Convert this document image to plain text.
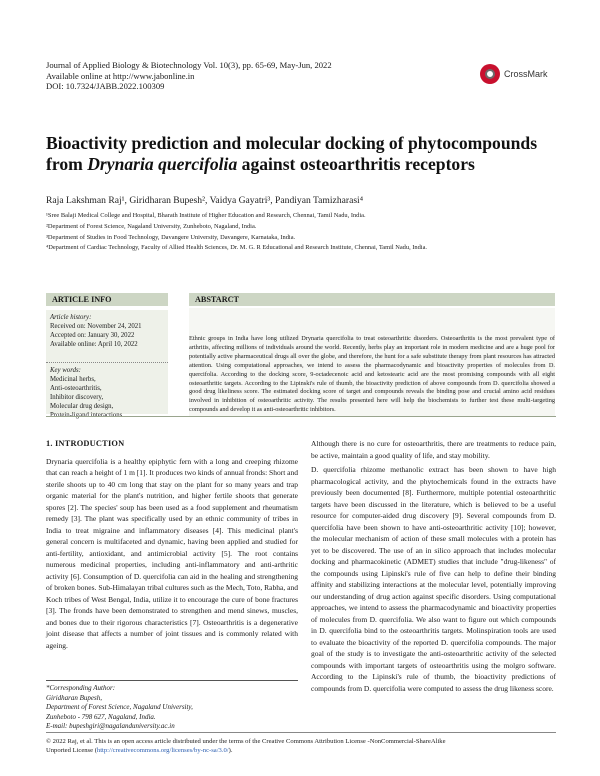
Journal of Applied Biology & Biotechnology Vol. 10(3), pp. 65-69, May-Jun, 2022
Available online at http://www.jabonline.in
DOI: 10.7324/JABB.2022.100309
CrossMark
Bioactivity prediction and molecular docking of phytocompounds
from Drynaria quercifolia against osteoarthritis receptors
Raja Lakshman Raj¹, Giridharan Bupesh², Vaidya Gayatri³, Pandiyan Tamizharasi⁴
¹Sree Balaji Medical College and Hospital, Bharath Institute of Higher Education and Research, Chennai, Tamil Nadu, India.
²Department of Forest Science, Nagaland University, Zunheboto, Nagaland, India.
³Department of Studies in Food Technology, Davangere University, Davangere, Karnataka, India.
⁴Department of Cardiac Technology, Faculty of Allied Health Sciences, Dr. M. G. R Educational and Research Institute, Chennai, Tamil Nadu, India.
ARTICLE INFO	ABSTARCT
Article history:
Received on: November 24, 2021
Accepted on: January 30, 2022
Available online: April 10, 2022
Key words:
Medicinal herbs,
Anti-osteoarthritis,
Inhibitor discovery,
Molecular drug design,
Ethnic groups in India have long utilized Drynaria quercifolia to treat osteoarthritic disorders. Osteoarthritis is the most prevalent type of arthritis, affecting millions of individuals around the world. Recently, herbs play an important role in modern medicine and are a huge pool for potentially active pharmaceutical drugs all over the globe, and therefore, the hunt for a safe substitute therapy from plant resources has attracted attention. Using computational approaches, we intend to assess the pharmacodynamic and bioactivity properties of molecules from D. quercifolia. According to the docking score, 9-octadecenoic acid and ketostearic acid are the most promising compounds with all eight osteoarthritic targets. According to the Lipinski's rule of thumb, the bioactivity prediction of above compounds from D. quercifolia showed a good drug likeliness score. The estimated docking score of target and compounds reveals the binding pose and crucial amino acid residues involved in inhibition of osteoarthritic activity. The results presented here will help the biochemists to further test these multi-targeting compounds and develop it as anti-osteoarthritic inhibitors.
1. INTRODUCTION

Drynaria quercifolia is a healthy epiphytic fern with a long and creeping rhizome that can reach a height of 1 m [1]. It produces two kinds of annual fronds: Short and sterile shoots up to 40 cm long that stay on the plant for so many years and trap organic material for the plant's nutrition, and higher fertile shoots that generate spores [2]. The species' soup has been used as a food supplement and rheumatism remedy [3]. The plant was specifically used by an ethnic community of tribes in India to treat migraine and inflammatory diseases [4]. This medicinal plant's general concern is multifaceted and dynamic, having been applied and studied for anti-fertility, antioxidant, and antimicrobial activity [5]. The root contains numerous medicinal properties, including anti-inflammatory and anti-arthritic activity [6]. Consumption of D. quercifolia can aid in the healing and strengthening of broken bones. Sub-Himalayan tribal cultures such as the Mech, Toto, Rabha, and Koch tribes of West Bengal, India, utilize it to encourage the cure of bone fractures [3]. The fronds have been demonstrated to strengthen and mend sinews, muscles, and bones due to their rigorous characteristics [7]. Osteoarthritis is a degenerative joint disease that affects a number of joint tissues and is commonly related with ageing.

Although there is no cure for osteoarthritis, there are treatments to reduce pain, be active, maintain a good quality of life, and stay mobility.

D. quercifolia rhizome methanolic extract has been shown to have high pharmacological activity, and the phytochemicals found in the extracts have previously been documented [8]. Furthermore, multiple potential osteoarthritic targets have been discussed in the literature, which is believed to be a useful resource for computer-aided drug discovery [9]. Several compounds from D. quercifolia have been shown to have anti-osteoarthritic activity [10]; however, the molecular mechanism of action of these small molecules with a protein has yet to be discovered. The use of an in silico approach that includes molecular docking and pharmacokinetic (ADMET) studies that include "drug-likeness" of the compounds using Lipinski's rule of five can help to define their binding affinity and stabilizing interactions at the molecular level, potentially improving our understanding of drug action against specific disorders. Using computational approaches, we intend to assess the pharmacodynamic and bioactivity properties of molecules from D. quercifolia. We also want to figure out which compounds in D. quercifolia bind to the osteoarthritis targets. Molinspiration tools are used to evaluate the bioactivity of the reported D. quercifolia compounds. The major goal of the study is to investigate the anti-osteoarthritic activity of the selected compounds with important targets of osteoarthritis using the molgro software. According to the Lipinski's rule of thumb, the bioactivity predictions of compounds from D. quercifolia were computed to assess the drug likeness score.

*Corresponding Author:
Giridharan Bupesh,
Department of Forest Science, Nagaland University,
Zunheboto - 798 627, Nagaland, India.
E-mail: bupeshgiri@nagalanduniversity.ac.in
© 2022 Raj, et al. This is an open access article distributed under the terms of the Creative Commons Attribution License -NonCommercial-ShareAlike
Unported License (http://creativecommons.org/licenses/by-nc-sa/3.0/).
